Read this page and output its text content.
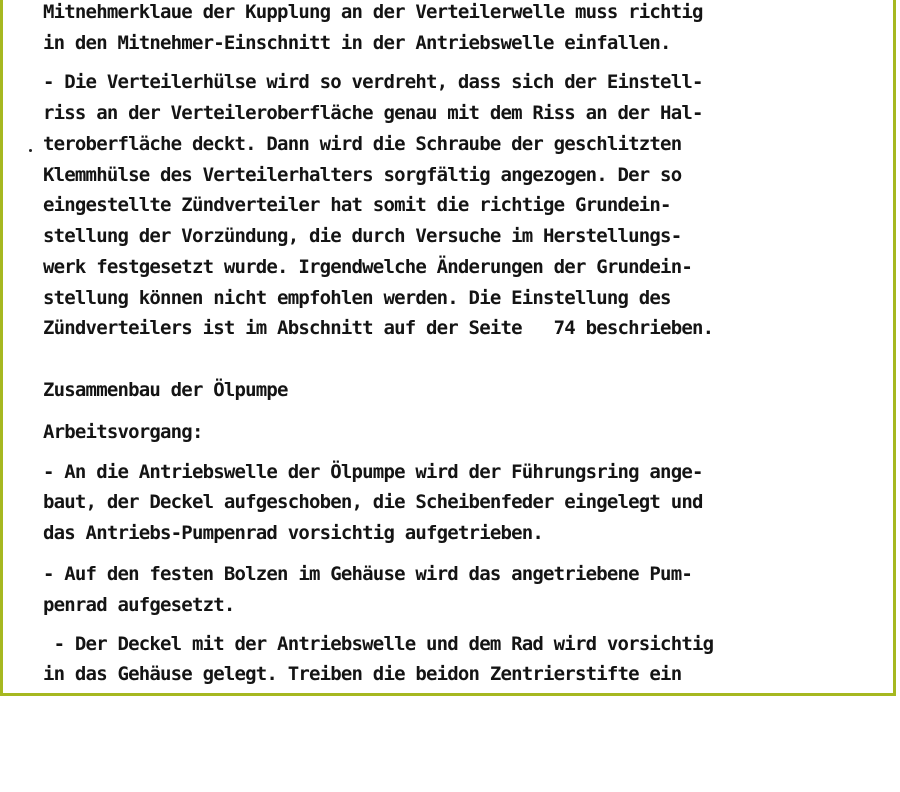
Mitnehmerklaue der Kupplung an der Verteilerwelle muss richtig

in den Mitnehmer-Einschnitt in der Antriebswelle einfallen.

- Die Verteilerhülse wird so verdreht, dass sich der Einstell-

riss an der Verteileroberfläche genau mit dem Riss an der Hal-

teroberfläche deckt. Dann wird die Schraube der geschlitzten

Klemmhülse des Verteilerhalters sorgfältig angezogen. Der so

eingestellte Zündverteiler hat somit die richtige Grundein-

stellung der Vorzündung, die durch Versuche im Herstellungs-

werk festgesetzt wurde. Irgendwelche Änderungen der Grundein-

stellung können nicht empfohlen werden. Die Einstellung des

Zündverteilers ist im Abschnitt auf der Seite   74 beschrieben.

Zusammenbau der Ölpumpe

Arbeitsvorgang:

- An die Antriebswelle der Ölpumpe wird der Führungsring ange-

baut, der Deckel aufgeschoben, die Scheibenfeder eingelegt und

das Antriebs-Pumpenrad vorsichtig aufgetrieben.

- Auf den festen Bolzen im Gehäuse wird das angetriebene Pum-

penrad aufgesetzt.

- Der Deckel mit der Antriebswelle und dem Rad wird vorsichtig

in das Gehäuse gelegt. Treiben die beidon Zentrierstifte ein
